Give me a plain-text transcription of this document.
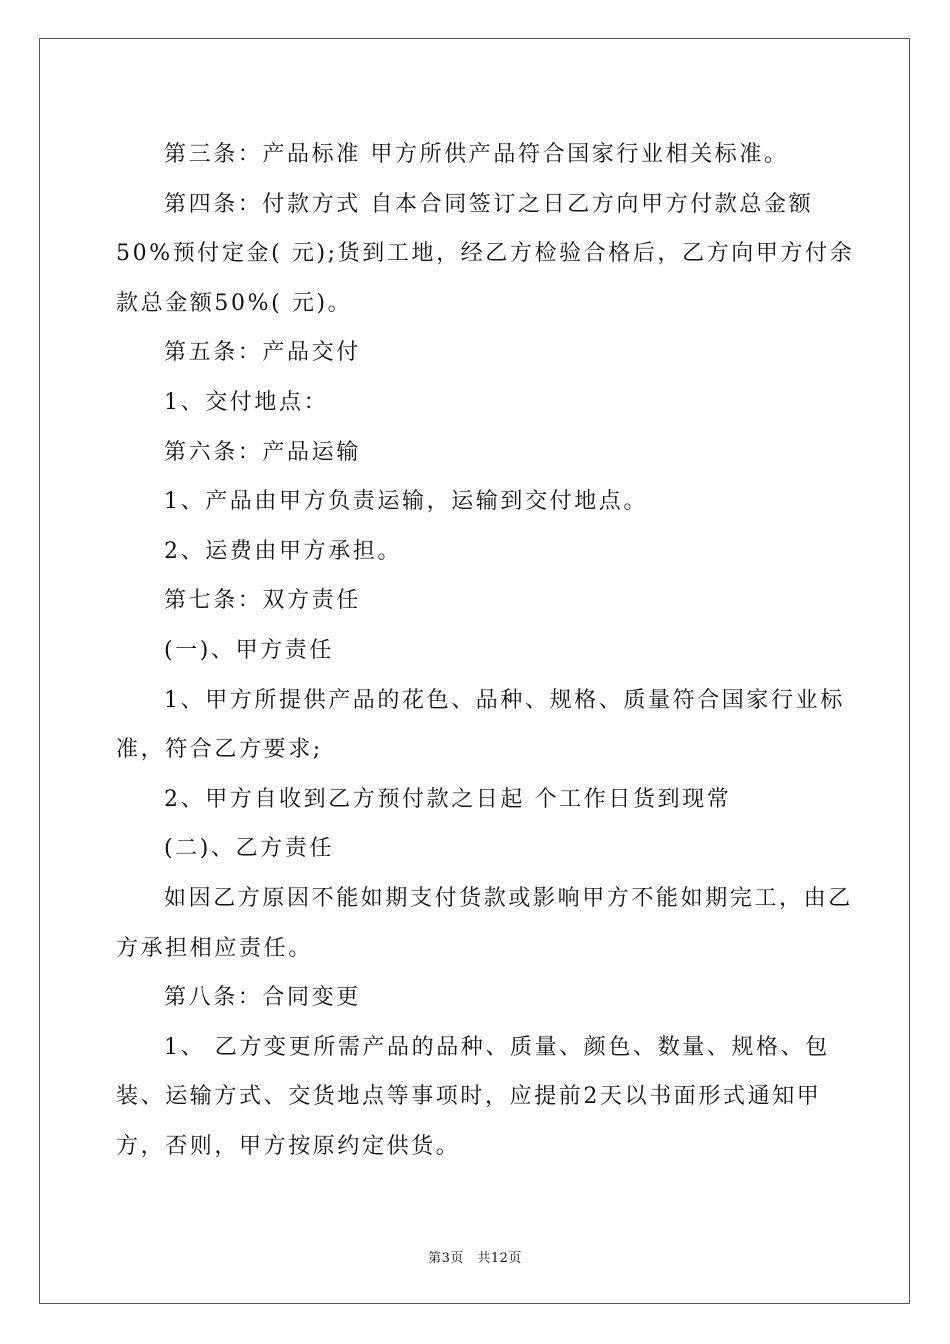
第三条：产品标准 甲方所供产品符合国家行业相关标准。

第四条：付款方式 自本合同签订之日乙方向甲方付款总金额50%预付定金( 元);货到工地，经乙方检验合格后，乙方向甲方付余款总金额50%( 元)。

第五条：产品交付

1、交付地点：

第六条：产品运输

1、产品由甲方负责运输，运输到交付地点。

2、运费由甲方承担。

第七条：双方责任

(一)、甲方责任

1、甲方所提供产品的花色、品种、规格、质量符合国家行业标准，符合乙方要求;

2、甲方自收到乙方预付款之日起 个工作日货到现常

(二)、乙方责任

如因乙方原因不能如期支付货款或影响甲方不能如期完工，由乙方承担相应责任。

第八条：合同变更

1、 乙方变更所需产品的品种、质量、颜色、数量、规格、包装、运输方式、交货地点等事项时，应提前2天以书面形式通知甲方，否则，甲方按原约定供货。

第3页　共12页
